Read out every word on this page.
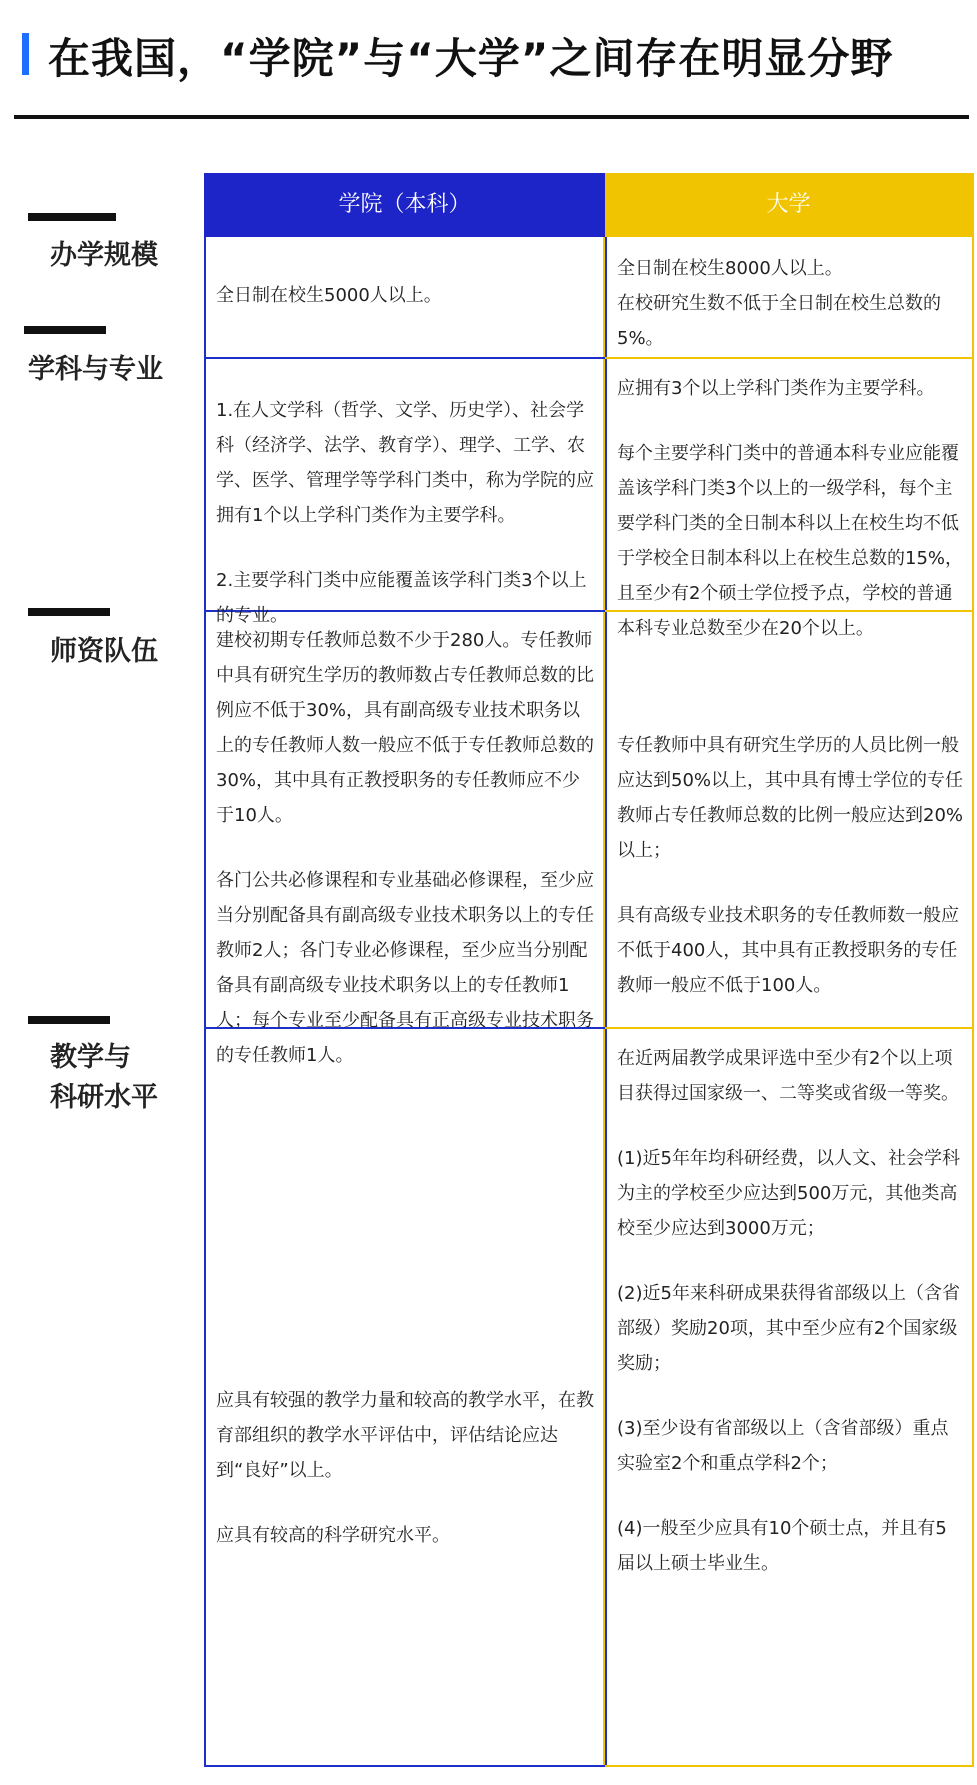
在我国，“学院”与“大学”之间存在明显分野
办学规模
学科与专业
师资队伍
教学与
科研水平
学院（本科）	大学

全日制在校生5000人以上。

全日制在校生8000人以上。

在校研究生数不低于全日制在校生总数的5%。

1.在人文学科（哲学、文学、历史学）、社会学科（经济学、法学、教育学）、理学、工学、农学、医学、管理学等学科门类中，称为学院的应拥有1个以上学科门类作为主要学科。

2.主要学科门类中应能覆盖该学科门类3个以上的专业。

应拥有3个以上学科门类作为主要学科。

每个主要学科门类中的普通本科专业应能覆盖该学科门类3个以上的一级学科，每个主要学科门类的全日制本科以上在校生均不低于学校全日制本科以上在校生总数的15%，且至少有2个硕士学位授予点，学校的普通本科专业总数至少在20个以上。

建校初期专任教师总数不少于280人。专任教师中具有研究生学历的教师数占专任教师总数的比例应不低于30%，具有副高级专业技术职务以上的专任教师人数一般应不低于专任教师总数的30%，其中具有正教授职务的专任教师应不少于10人。

各门公共必修课程和专业基础必修课程，至少应当分别配备具有副高级专业技术职务以上的专任教师2人；各门专业必修课程，至少应当分别配备具有副高级专业技术职务以上的专任教师1人；每个专业至少配备具有正高级专业技术职务的专任教师1人。

专任教师中具有研究生学历的人员比例一般应达到50%以上，其中具有博士学位的专任教师占专任教师总数的比例一般应达到20%以上；

具有高级专业技术职务的专任教师数一般应不低于400人，其中具有正教授职务的专任教师一般应不低于100人。

应具有较强的教学力量和较高的教学水平，在教育部组织的教学水平评估中，评估结论应达到“良好”以上。

应具有较高的科学研究水平。

在近两届教学成果评选中至少有2个以上项目获得过国家级一、二等奖或省级一等奖。

(1)近5年年均科研经费，以人文、社会学科为主的学校至少应达到500万元，其他类高校至少应达到3000万元；

(2)近5年来科研成果获得省部级以上（含省部级）奖励20项，其中至少应有2个国家级奖励；

(3)至少设有省部级以上（含省部级）重点实验室2个和重点学科2个；

(4)一般至少应具有10个硕士点，并且有5届以上硕士毕业生。
